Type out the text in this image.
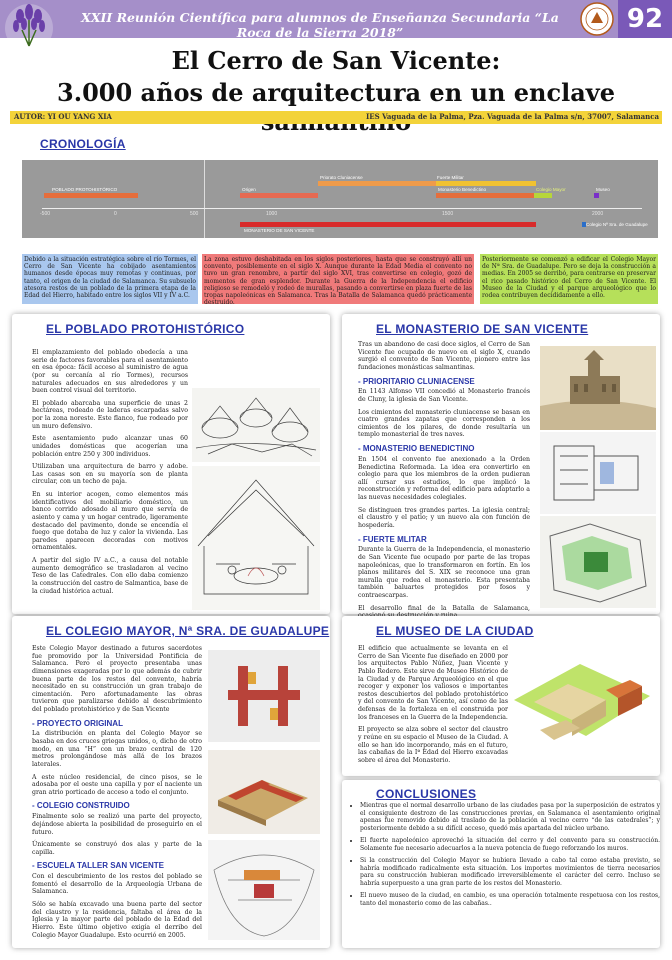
XXII Reunión Científica para alumnos de Enseñanza Secundaria “La Roca de la Sierra 2018”	92
El Cerro de San Vicente:
3.000 años de arquitectura en un enclave
AUTOR: YI OU YANG XIA	IES Vaguada de la Palma, Pza. Vaguada de la Palma s/n, 37007, Salamanca
CRONOLOGÍA
POBLADO PROTOHISTÓRICO
Priorato Cluniacense	Fuerte Militar
Origen	Monasterio Benedictino	Colegio Mayor	Museo
-500	0	500	1000	1500	2000
MONASTERIO DE SAN VICENTE
Colegio Nª Sra. de Guadalupe
Debido a la situación estratégica sobre el río Tormes, el Cerro de San Vicente ha cobijado asentamientos humanos desde épocas muy remotas y continuas, por tanto, el origen de la ciudad de Salamanca. Su subsuelo atesora restos de un poblado de la primera etapa de la Edad del Hierro, habitado entre los siglos VII y IV a.C.
La zona estuvo deshabitada en los siglos posteriores, hasta que se construyó allí un convento, posiblemente en el siglo X. Aunque durante la Edad Media el convento no tuvo un gran renombre, a partir del siglo XVI, tras convertirse en colegio, gozó de momentos de gran esplendor. Durante la Guerra de la Independencia el edificio religioso se remodeló y rodeó de murallas, pasando a convertirse en plaza fuerte de las tropas napoleónicas en Salamanca. Tras la Batalla de Salamanca quedó prácticamente destruido.
Posteriormente se comenzó a edificar el Colegio Mayor de Nª Sra. de Guadalupe. Pero se deja la construcción a medias. En 2005 se derribó, para centrarse en preservar el rico pasado histórico del Cerro de San Vicente. El Museo de la Ciudad y el parque arqueológico que lo rodea contribuyen decididamente a ello.
EL POBLADO PROTOHISTÓRICO

El emplazamiento del poblado obedecía a una serie de factores favorables para el asentamiento en esa época: fácil acceso al suministro de agua (por su cercanía al río Tormes), recursos naturales adecuados en sus alrededores y un buen control visual del territorio.

El poblado abarcaba una superficie de unas 2 hectáreas, rodeado de laderas escarpadas salvo por la zona noreste. Este flanco, fue rodeado por un muro defensivo.

Este asentamiento pudo alcanzar unas 60 unidades domésticas que acogerían una población entre 250 y 300 individuos.

Utilizaban una arquitectura de barro y adobe. Las casas son en su mayoría son de planta circular, con un techo de paja.

En su interior acogen, como elementos más identificativos del mobiliario doméstico, un banco corrido adosado al muro que servía de asiento y cama y un hogar centrado, ligeramente destacado del pavimento, donde se encendía el fuego que dotaba de luz y calor la vivienda. Las paredes aparecen decoradas con motivos ornamentales.

A partir del siglo IV a.C., a causa del notable aumento demográfico se trasladaron al vecino Teso de las Catedrales. Con ello daba comienzo la construcción del castro de Salmantica, base de la ciudad histórica actual.

EL MONASTERIO DE SAN VICENTE

Tras un abandono de casi doce siglos, el Cerro de San Vicente fue ocupado de nuevo en el siglo X, cuando surgió el convento de San Vicente, pionero entre las fundaciones monásticas salmantinas.

- PRIORITARIO CLUNIACENSE

En 1143 Alfonso VII concedió al Monasterio francés de Cluny, la iglesia de San Vicente.

Los cimientos del monasterio cluniacense se basan en cuatro grandes zapatas que corresponden a los cimientos de los pilares, de donde resultaría un templo monasterial de tres naves.

- MONASTERIO BENEDICTINO

En 1504 el convento fue anexionado a la Orden Benedictina Reformada. La idea era convertirlo en colegio para que los miembros de la orden pudieran allí cursar sus estudios, lo que implicó la reconstrucción y reforma del edificio para adaptarlo a las nuevas necesidades colegiales.

Se distinguen tres grandes partes. La iglesia central; el claustro y el patio; y un nuevo ala con función de hospedería.

- FUERTE MLITAR

Durante la Guerra de la Independencia, el monasterio de San Vicente fue ocupado por parte de las tropas napoleónicas, que lo transformaron en fortín. En los planos militares del S. XIX se reconoce una gran muralla que rodea el monasterio. Esta presentaba también baluartes protegidos por fosos y contraescarpas.

El desarrollo final de la Batalla de Salamanca,

EL COLEGIO MAYOR, Nª SRA. DE GUADALUPE

Este Colegio Mayor destinado a futuros sacerdotes fue promovido por la Universidad Pontificia de Salamanca. Pero el proyecto presentaba unas dimensiones exageradas por lo que además de cubrir buena parte de los restos del convento, habría necesitado en su construcción un gran trabajo de cimentación. Pero afortunadamente las obras tuvieron que paralizarse debido al descubrimiento del poblado protohistórico y de San Vicente

- PROYECTO ORIGINAL

La distribución en planta del Colegio Mayor se basaba en dos cruces griegas unidos, o, dicho de otro modo, en una “H” con un brazo central de 120 metros prolongándose más allá de los brazos laterales.

A este núcleo residencial, de cinco pisos, se le adosaba por el oeste una capilla y por el naciente un gran atrio porticado de acceso a todo el conjunto.

- COLEGIO CONSTRUIDO

Finalmente solo se realizó una parte del proyecto, dejándose abierta la posibilidad de proseguirlo en el futuro.

Únicamente se construyó dos alas y parte de la capilla.

- ESCUELA TALLER SAN VICENTE

Con el descubrimiento de los restos del poblado se fomentó el desarrollo de la Arqueología Urbana de Salamanca.

Sólo se había excavado una buena parte del sector del claustro y la residencia, faltaba el área de la Iglesia y la mayor parte del poblado de la Edad del Hierro. Este último objetivo exigía el derribo del Colegio Mayor Guadalupe. Esto ocurrió en 2005.

EL MUSEO DE LA CIUDAD

El edificio que actualmente se levanta en el Cerro de San Vicente fue diseñado en 2000 por los arquitectos Pablo Núñez, Juan Vicente y Pablo Redero. Este sirve de Museo Histórico de la Ciudad y de Parque Arqueológico en el que recoger y exponer los valiosos e importantes restos descubiertos del poblado protohistórico y del convento de San Vicente, así como de las defensas de la fortaleza en el construida por los franceses en la Guerra de la Independencia.

El proyecto se alza sobre el sector del claustro y reúne en su espacio el Museo de la Ciudad. A ello se han ido incorporando, más en el futuro, las cabañas de la Iª Edad del Hierro excavadas sobre el área del Monasterio.

CONCLUSIONES
• Mientras que el normal desarrollo urbano de las ciudades pasa por la superposición de estratos y el consiguiente destrozo de las construcciones previas, en Salamanca el asentamiento original apenas fue removido debido al traslado de la población al vecino cerro “de las catedrales”; y posteriormente debido a su difícil acceso, quedó más apartada del núcleo urbano.
• El fuerte napoleónico aprovechó la situación del cerro y del convento para su construcción. Solamente fue necesario adecuarlos a la nueva potencia de fuego reforzando los muros.
• Si la construcción del Colegio Mayor se hubiera llevado a cabo tal como estaba previsto, se habría modificado radicalmente esta situación. Los importes movimientos de tierra necesarios para su construcción hubieran modificado irreversiblemente el carácter del cerro. Incluso se habría superpuesto a una gran parte de los restos del Monasterio.
• El nuevo museo de la ciudad, en cambio, es una operación totalmente respetuosa con los restos, tanto del monasterio como de las cabañas..
